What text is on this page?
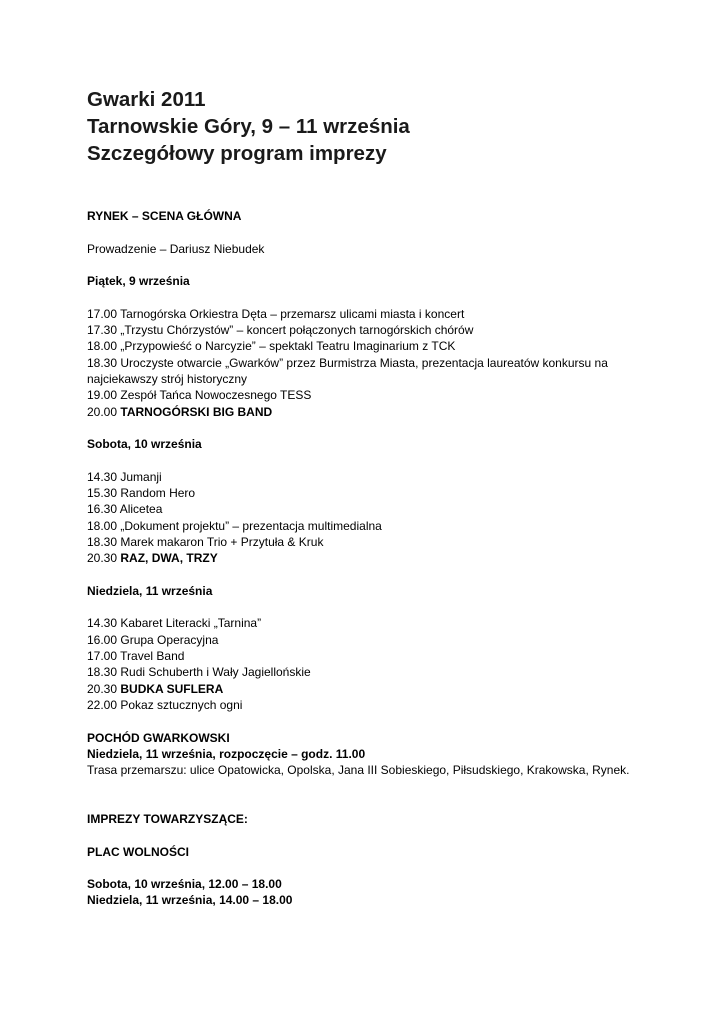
Gwarki 2011
Tarnowskie Góry, 9 – 11 września
Szczegółowy program imprezy

RYNEK – SCENA GŁÓWNA

Prowadzenie – Dariusz Niebudek

Piątek, 9 września

17.00 Tarnogórska Orkiestra Dęta – przemarsz ulicami miasta i koncert

17.30 „Trzystu Chórzystów” – koncert połączonych tarnogórskich chórów

18.00 „Przypowieść o Narcyzie” – spektakl Teatru Imaginarium z TCK

18.30 Uroczyste otwarcie „Gwarków” przez Burmistrza Miasta, prezentacja laureatów konkursu na najciekawszy strój historyczny

19.00 Zespół Tańca Nowoczesnego TESS

20.00 TARNOGÓRSKI BIG BAND

Sobota, 10 września

14.30 Jumanji

15.30 Random Hero

16.30 Alicetea

18.00 „Dokument projektu” – prezentacja multimedialna

18.30 Marek makaron Trio + Przytuła & Kruk

20.30 RAZ, DWA, TRZY

Niedziela, 11 września

14.30 Kabaret Literacki „Tarnina”

16.00 Grupa Operacyjna

17.00 Travel Band

18.30 Rudi Schuberth i Wały Jagiellońskie

20.30 BUDKA SUFLERA

22.00 Pokaz sztucznych ogni

POCHÓD GWARKOWSKI

Niedziela, 11 września, rozpoczęcie – godz. 11.00

Trasa przemarszu: ulice Opatowicka, Opolska, Jana III Sobieskiego, Piłsudskiego, Krakowska, Rynek.

IMPREZY TOWARZYSZĄCE:

PLAC WOLNOŚCI

Sobota, 10 września, 12.00 – 18.00

Niedziela, 11 września, 14.00 – 18.00
